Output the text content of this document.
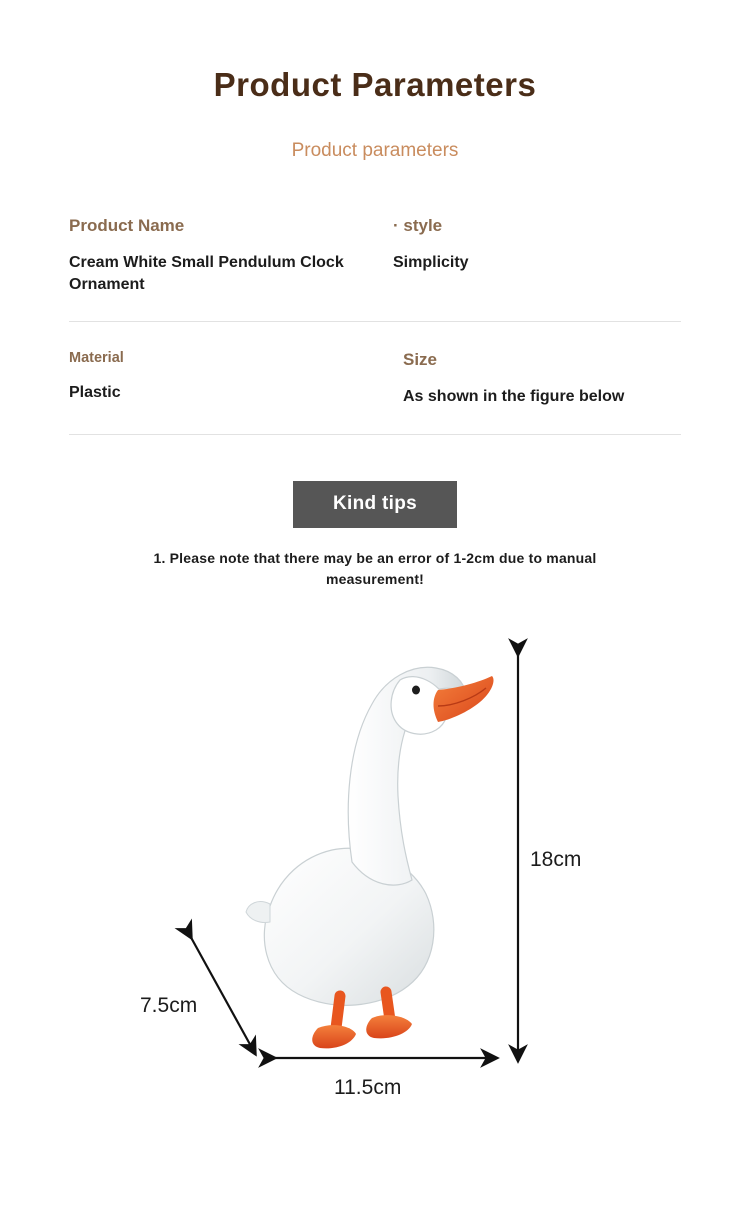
Product Parameters
Product parameters
Product Name
Cream White Small Pendulum Clock Ornament
· style
Simplicity
Material
Plastic
Size
As shown in the figure below
Kind tips
1. Please note that there may be an error of 1-2cm due to manual measurement!
18cm
11.5cm
7.5cm
